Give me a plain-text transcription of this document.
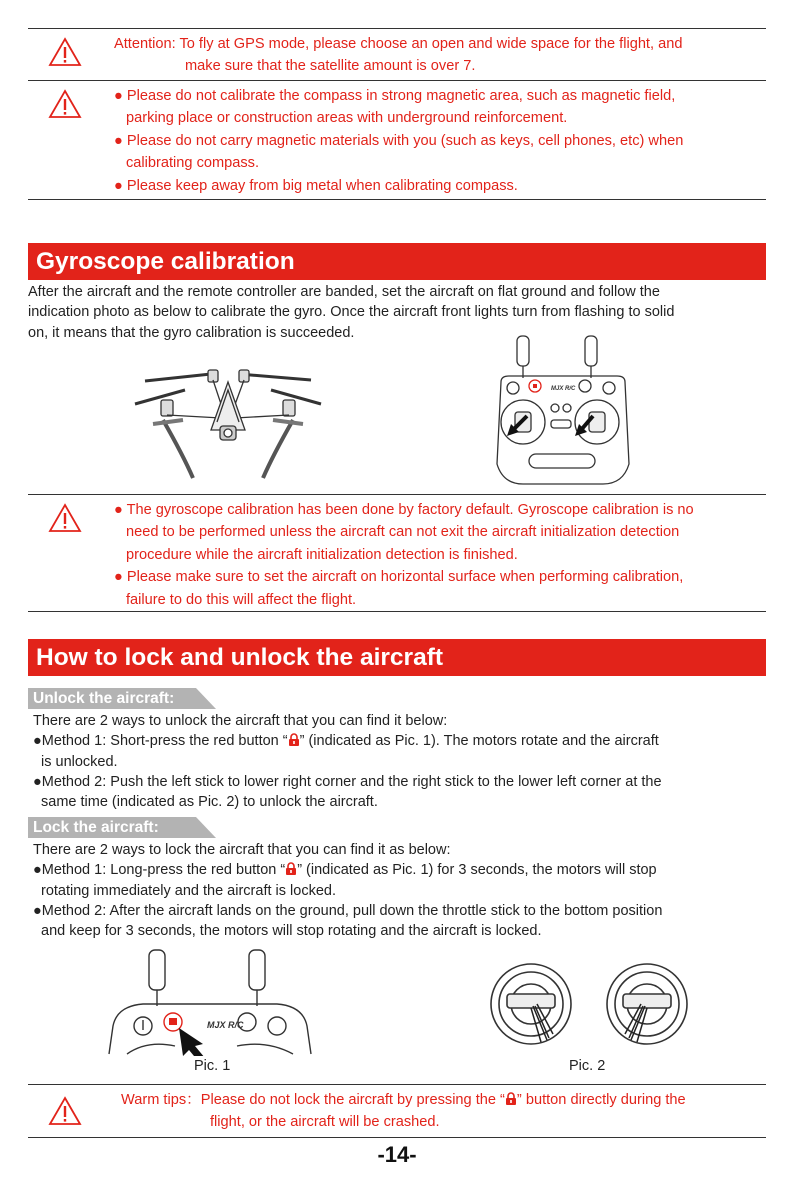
Attention: To fly at GPS mode, please choose an open and wide space for the flight, and
make sure that the satellite amount is over 7.
● Please do not calibrate the compass in strong magnetic area, such as magnetic field,
parking place or construction areas with underground reinforcement.
● Please do not carry magnetic materials with you (such as keys, cell phones, etc) when
calibrating compass.
● Please keep away from big metal when calibrating compass.
Gyroscope calibration
After the aircraft and the remote controller are banded, set the aircraft on flat ground and follow the
indication photo as below to calibrate the gyro. Once the aircraft front lights turn from flashing to solid
on, it means that the gyro calibration is succeeded.
MJX R/C
● The gyroscope calibration has been done by factory default. Gyroscope calibration is no
need to be performed unless the aircraft can not exit the aircraft initialization detection
procedure while the aircraft initialization detection is finished.
● Please make sure to set the aircraft on horizontal surface when performing calibration,
failure to do this will affect the flight.
How to lock and unlock the aircraft
Unlock the aircraft:
There are 2 ways to unlock the aircraft that you can find it below:
●Method 1: Short-press the red button “ ” (indicated as Pic. 1). The motors rotate and the aircraft
is unlocked.
●Method 2: Push the left stick to lower right corner and the right stick to the lower left corner at the
same time (indicated as Pic. 2) to unlock the aircraft.
Lock the aircraft:
There are 2 ways to lock the aircraft that you can find it as below:
●Method 1: Long-press the red button “ ” (indicated as Pic. 1) for 3 seconds, the motors will stop
rotating immediately and the aircraft is locked.
●Method 2: After the aircraft lands on the ground, pull down the throttle stick to the bottom position
and keep for 3 seconds, the motors will stop rotating and the aircraft is locked.
MJX R/C
Pic. 1	Pic. 2
Warm tips：Please do not lock the aircraft by pressing the “ ” button directly during the
flight, or the aircraft will be crashed.
-14-
